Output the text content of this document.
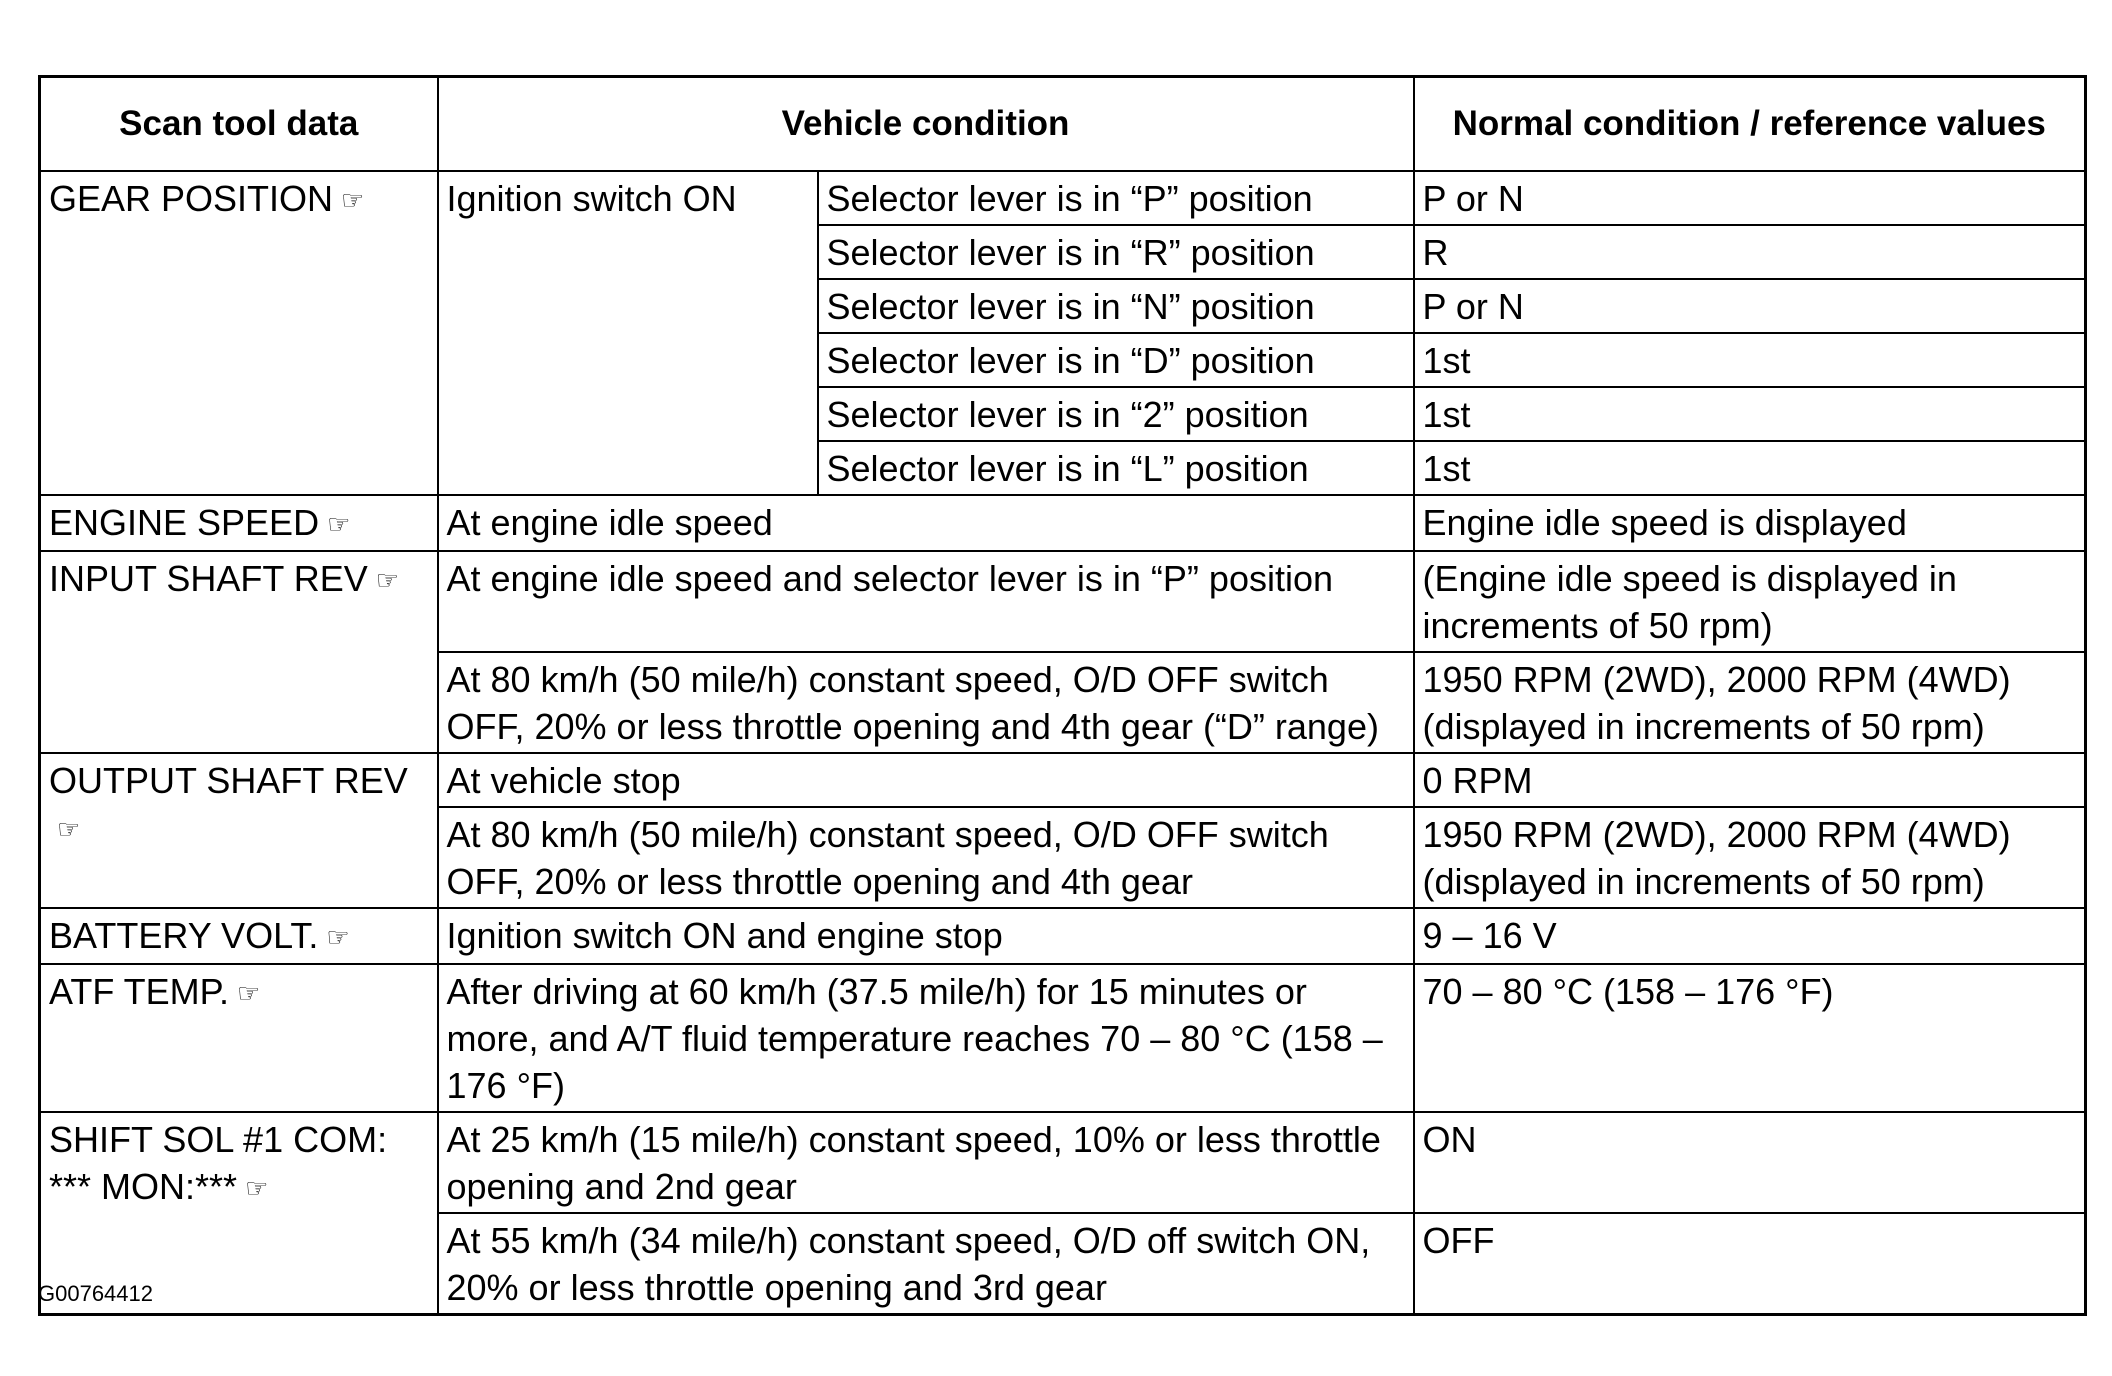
Scan tool data	Vehicle condition		Normal condition / reference values
GEAR POSITION ☞	Ignition switch ON	Selector lever is in “P” position	P or N
		Selector lever is in “R” position	R
		Selector lever is in “N” position	P or N
		Selector lever is in “D” position	1st
		Selector lever is in “2” position	1st
		Selector lever is in “L” position	1st
ENGINE SPEED ☞	At engine idle speed		Engine idle speed is displayed
INPUT SHAFT REV ☞	At engine idle speed and selector lever is in “P” position		(Engine idle speed is displayed in increments of 50 rpm)
	At 80 km/h (50 mile/h) constant speed, O/D OFF switch OFF, 20% or less throttle opening and 4th gear (“D” range)		1950 RPM (2WD), 2000 RPM (4WD) (displayed in increments of 50 rpm)
OUTPUT SHAFT REV☞	At vehicle stop		0 RPM
	At 80 km/h (50 mile/h) constant speed, O/D OFF switch OFF, 20% or less throttle opening and 4th gear		1950 RPM (2WD), 2000 RPM (4WD) (displayed in increments of 50 rpm)
BATTERY VOLT. ☞	Ignition switch ON and engine stop		9 – 16 V
ATF TEMP. ☞	After driving at 60 km/h (37.5 mile/h) for 15 minutes or more, and A/T fluid temperature reaches 70 – 80 °C (158 – 176 °F)		70 – 80 °C (158 – 176 °F)
SHIFT SOL #1 COM: *** MON:*** ☞	At 25 km/h (15 mile/h) constant speed, 10% or less throttle opening and 2nd gear		ON
	At 55 km/h (34 mile/h) constant speed, O/D off switch ON, 20% or less throttle opening and 3rd gear		OFF
G00764412
